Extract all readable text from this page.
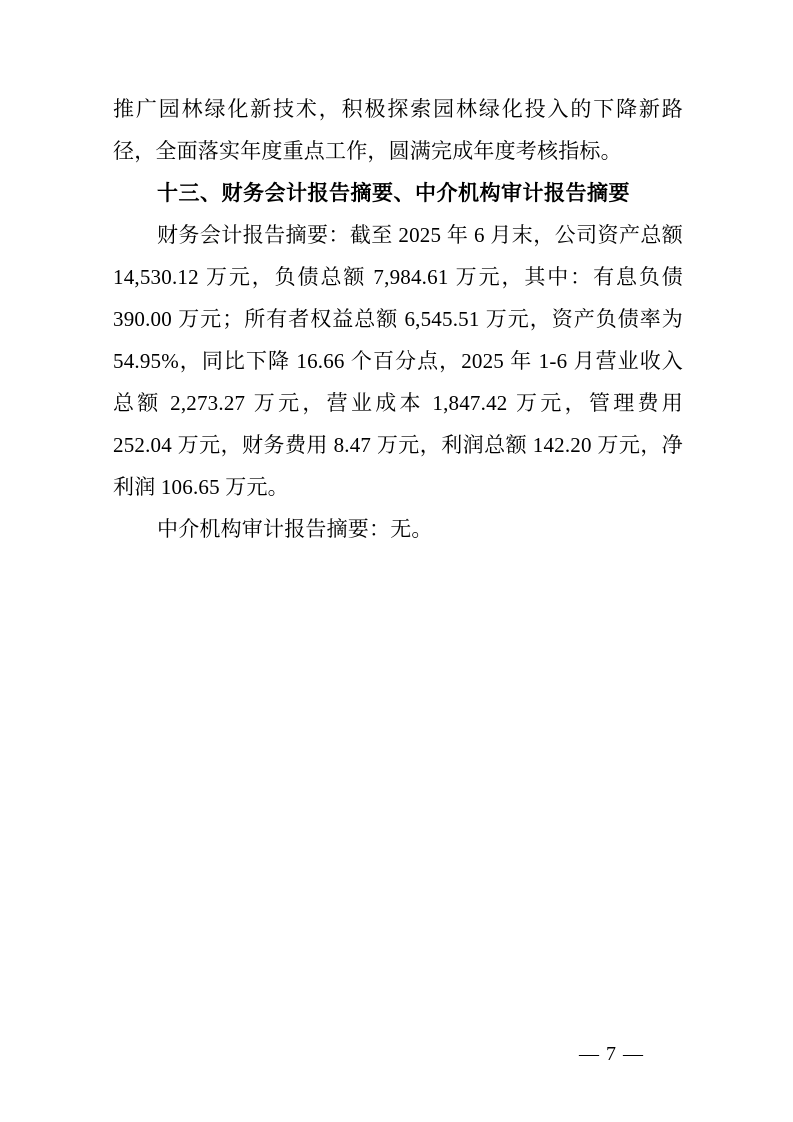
推广园林绿化新技术，积极探索园林绿化投入的下降新路径，全面落实年度重点工作，圆满完成年度考核指标。

十三、财务会计报告摘要、中介机构审计报告摘要

财务会计报告摘要：截至 2025 年 6 月末，公司资产总额 14,530.12 万元，负债总额 7,984.61 万元，其中：有息负债 390.00 万元；所有者权益总额 6,545.51 万元，资产负债率为 54.95%，同比下降 16.66 个百分点，2025 年 1-6 月营业收入总额 2,273.27 万元，营业成本 1,847.42 万元，管理费用 252.04 万元，财务费用 8.47 万元，利润总额 142.20 万元，净利润 106.65 万元。

中介机构审计报告摘要：无。

— 7 —
